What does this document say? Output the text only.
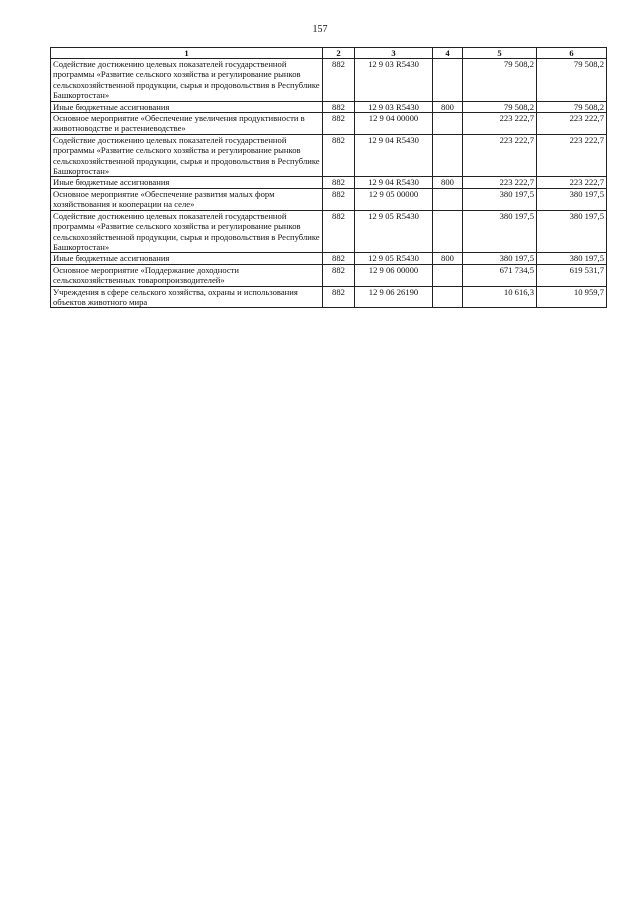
157
1	2	3	4	5	6
Содействие достижению целевых показателей государственной программы «Развитие сельского хозяйства и регулирование рынков сельскохозяйственной продукции, сырья и продовольствия в Республике Башкортостан»	882	12 9 03 R5430		79 508,2	79 508,2
Иные бюджетные ассигнования	882	12 9 03 R5430	800	79 508,2	79 508,2
Основное мероприятие «Обеспечение увеличения продуктивности в животноводстве и растениеводстве»	882	12 9 04 00000		223 222,7	223 222,7
Содействие достижению целевых показателей государственной программы «Развитие сельского хозяйства и регулирование рынков сельскохозяйственной продукции, сырья и продовольствия в Республике Башкортостан»	882	12 9 04 R5430		223 222,7	223 222,7
Иные бюджетные ассигнования	882	12 9 04 R5430	800	223 222,7	223 222,7
Основное мероприятие «Обеспечение развития малых форм хозяйствования и кооперации на селе»	882	12 9 05 00000		380 197,5	380 197,5
Содействие достижению целевых показателей государственной программы «Развитие сельского хозяйства и регулирование рынков сельскохозяйственной продукции, сырья и продовольствия в Республике Башкортостан»	882	12 9 05 R5430		380 197,5	380 197,5
Иные бюджетные ассигнования	882	12 9 05 R5430	800	380 197,5	380 197,5
Основное мероприятие «Поддержание доходности сельскохозяйственных товаропроизводителей»	882	12 9 06 00000		671 734,5	619 531,7
Учреждения в сфере сельского хозяйства, охраны и использования объектов животного мира	882	12 9 06 26190		10 616,3	10 959,7
